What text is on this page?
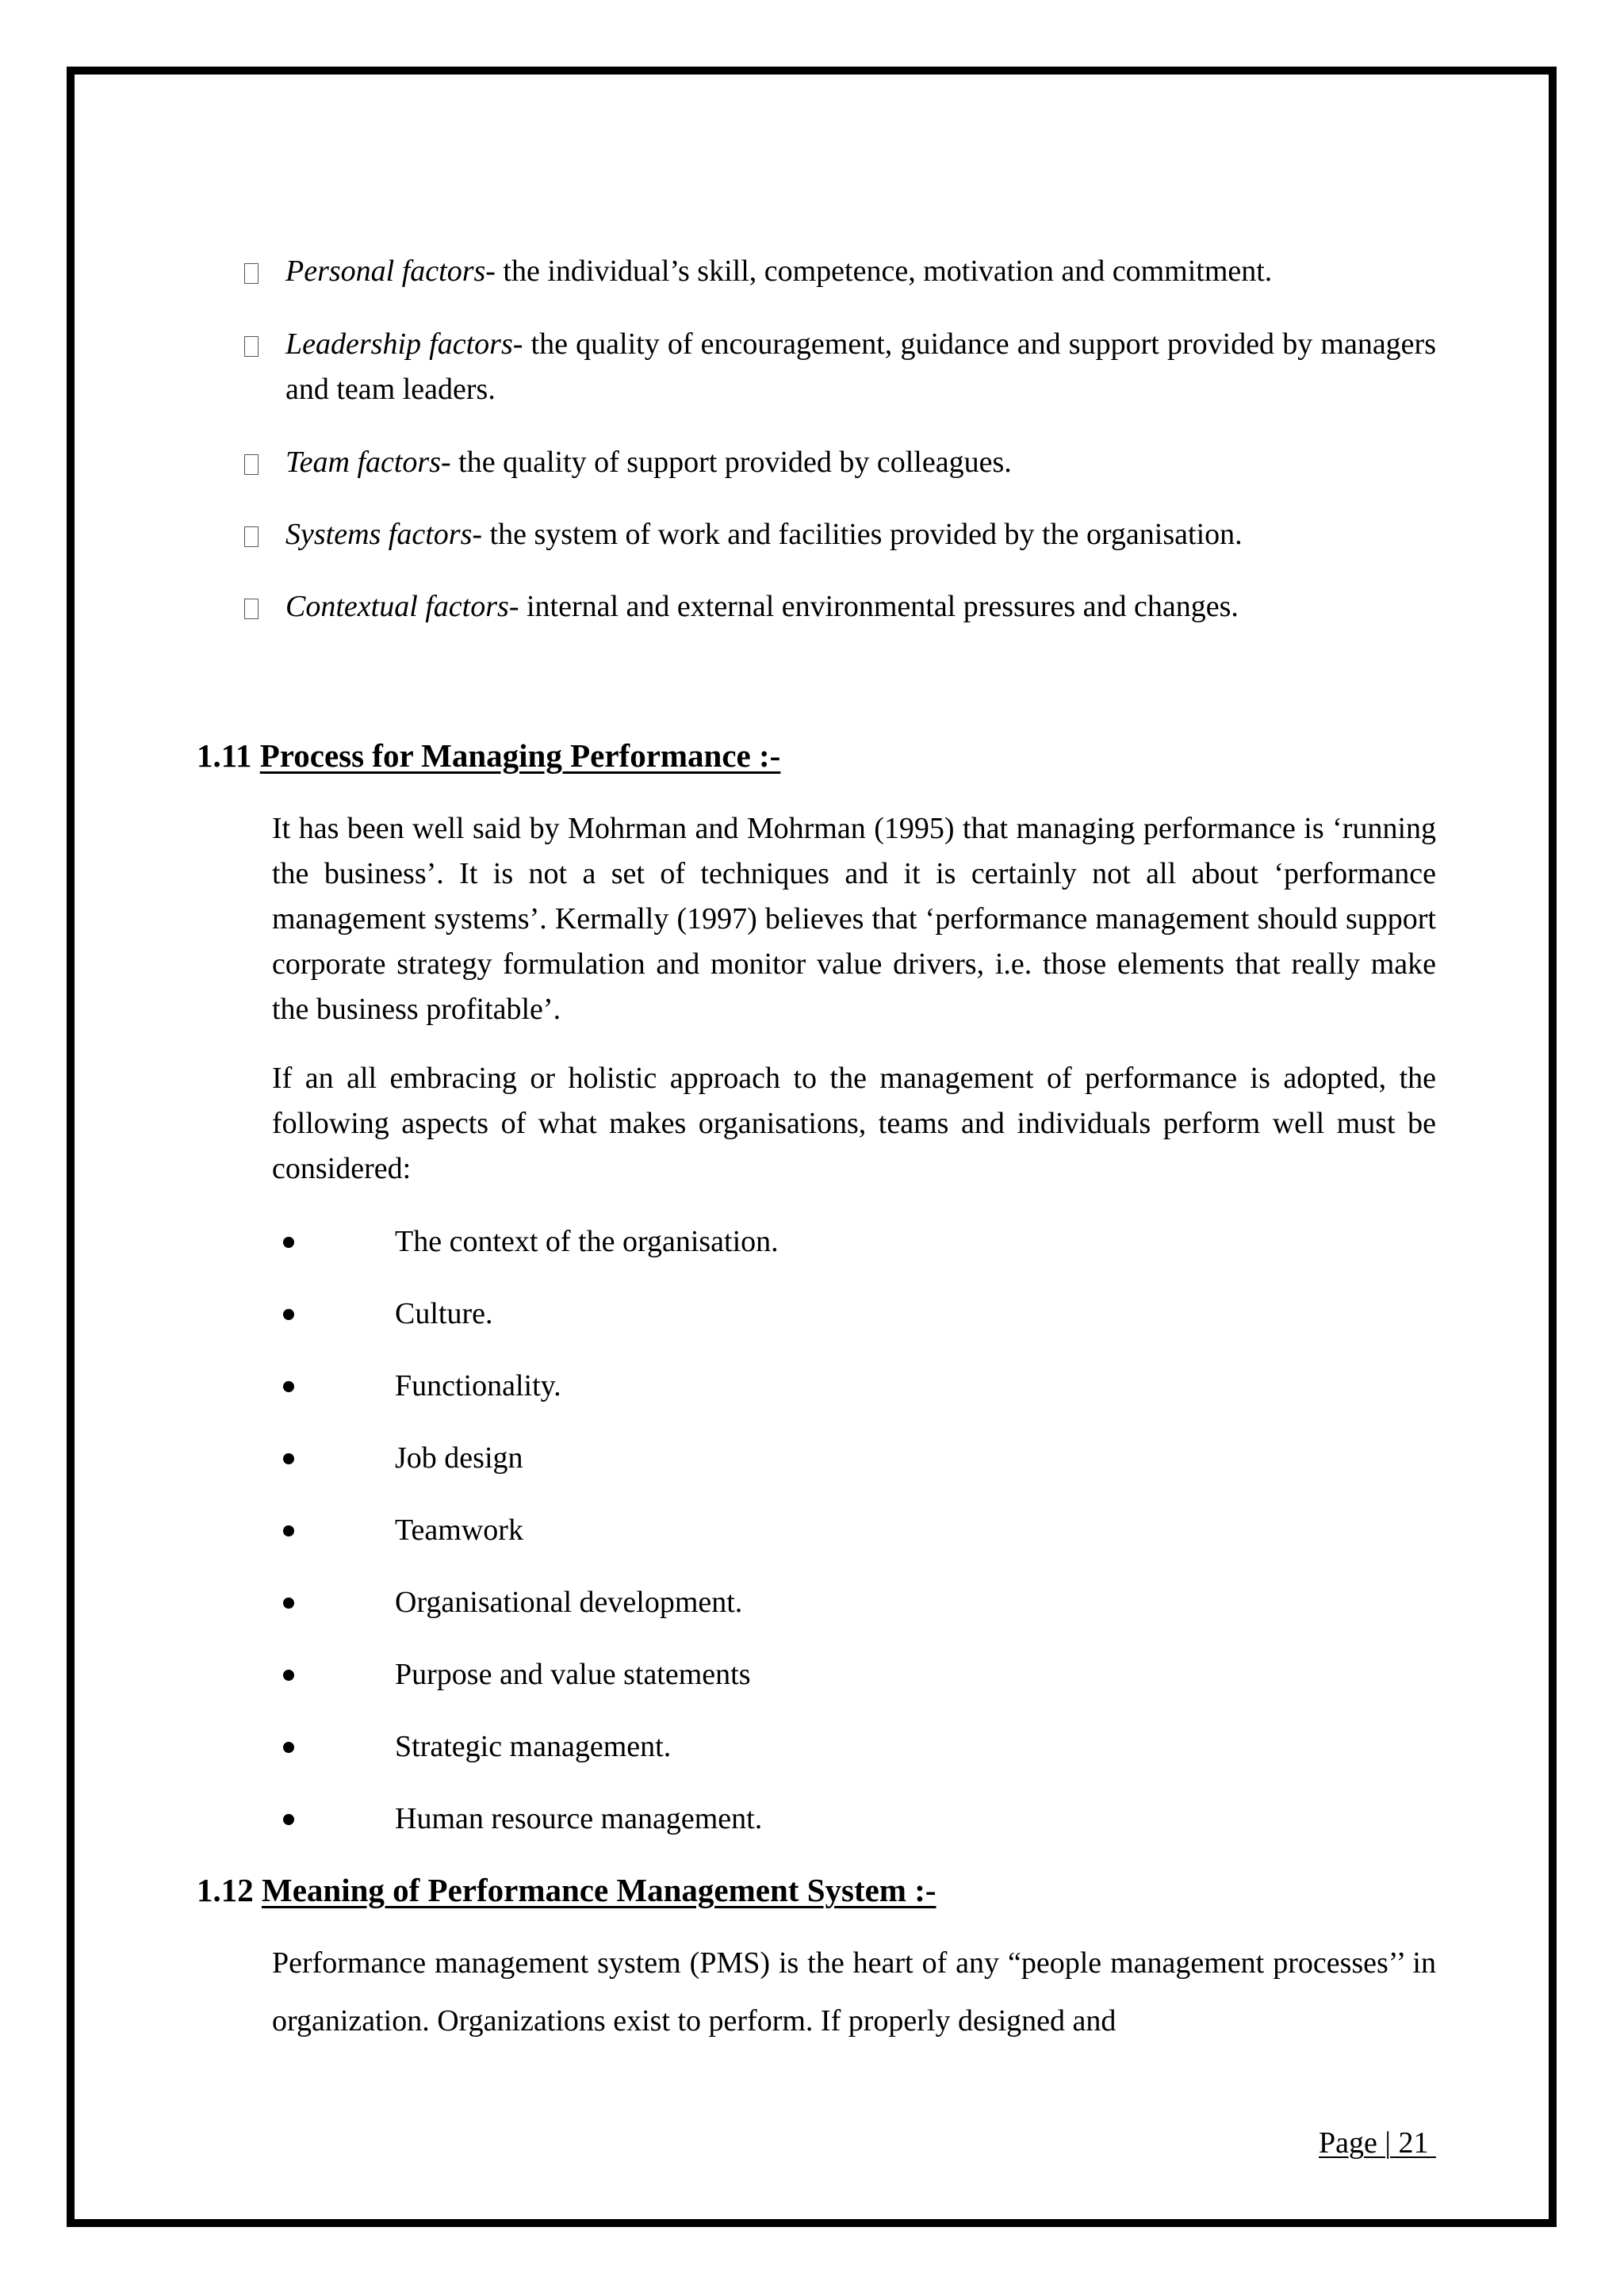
Personal factors- the individual’s skill, competence, motivation and commitment.
Leadership factors- the quality of encouragement, guidance and support provided by managers and team leaders.
Team factors- the quality of support provided by colleagues.
Systems factors- the system of work and facilities provided by the organisation.
Contextual factors- internal and external environmental pressures and changes.
1.11 Process for Managing Performance :-
It has been well said by Mohrman and Mohrman (1995) that managing performance is ‘running the business’. It is not a set of techniques and it is certainly not all about ‘performance management systems’. Kermally (1997) believes that ‘performance management should support corporate strategy formulation and monitor value drivers, i.e. those elements that really make the business profitable’.
If an all embracing or holistic approach to the management of performance is adopted, the following aspects of what makes organisations, teams and individuals perform well must be considered:
The context of the organisation.
Culture.
Functionality.
Job design
Teamwork
Organisational development.
Purpose and value statements
Strategic management.
Human resource management.
1.12 Meaning of Performance Management System :-
Performance management system (PMS) is the heart of any “people management processes’’ in organization. Organizations exist to perform. If properly designed and
Page | 21
